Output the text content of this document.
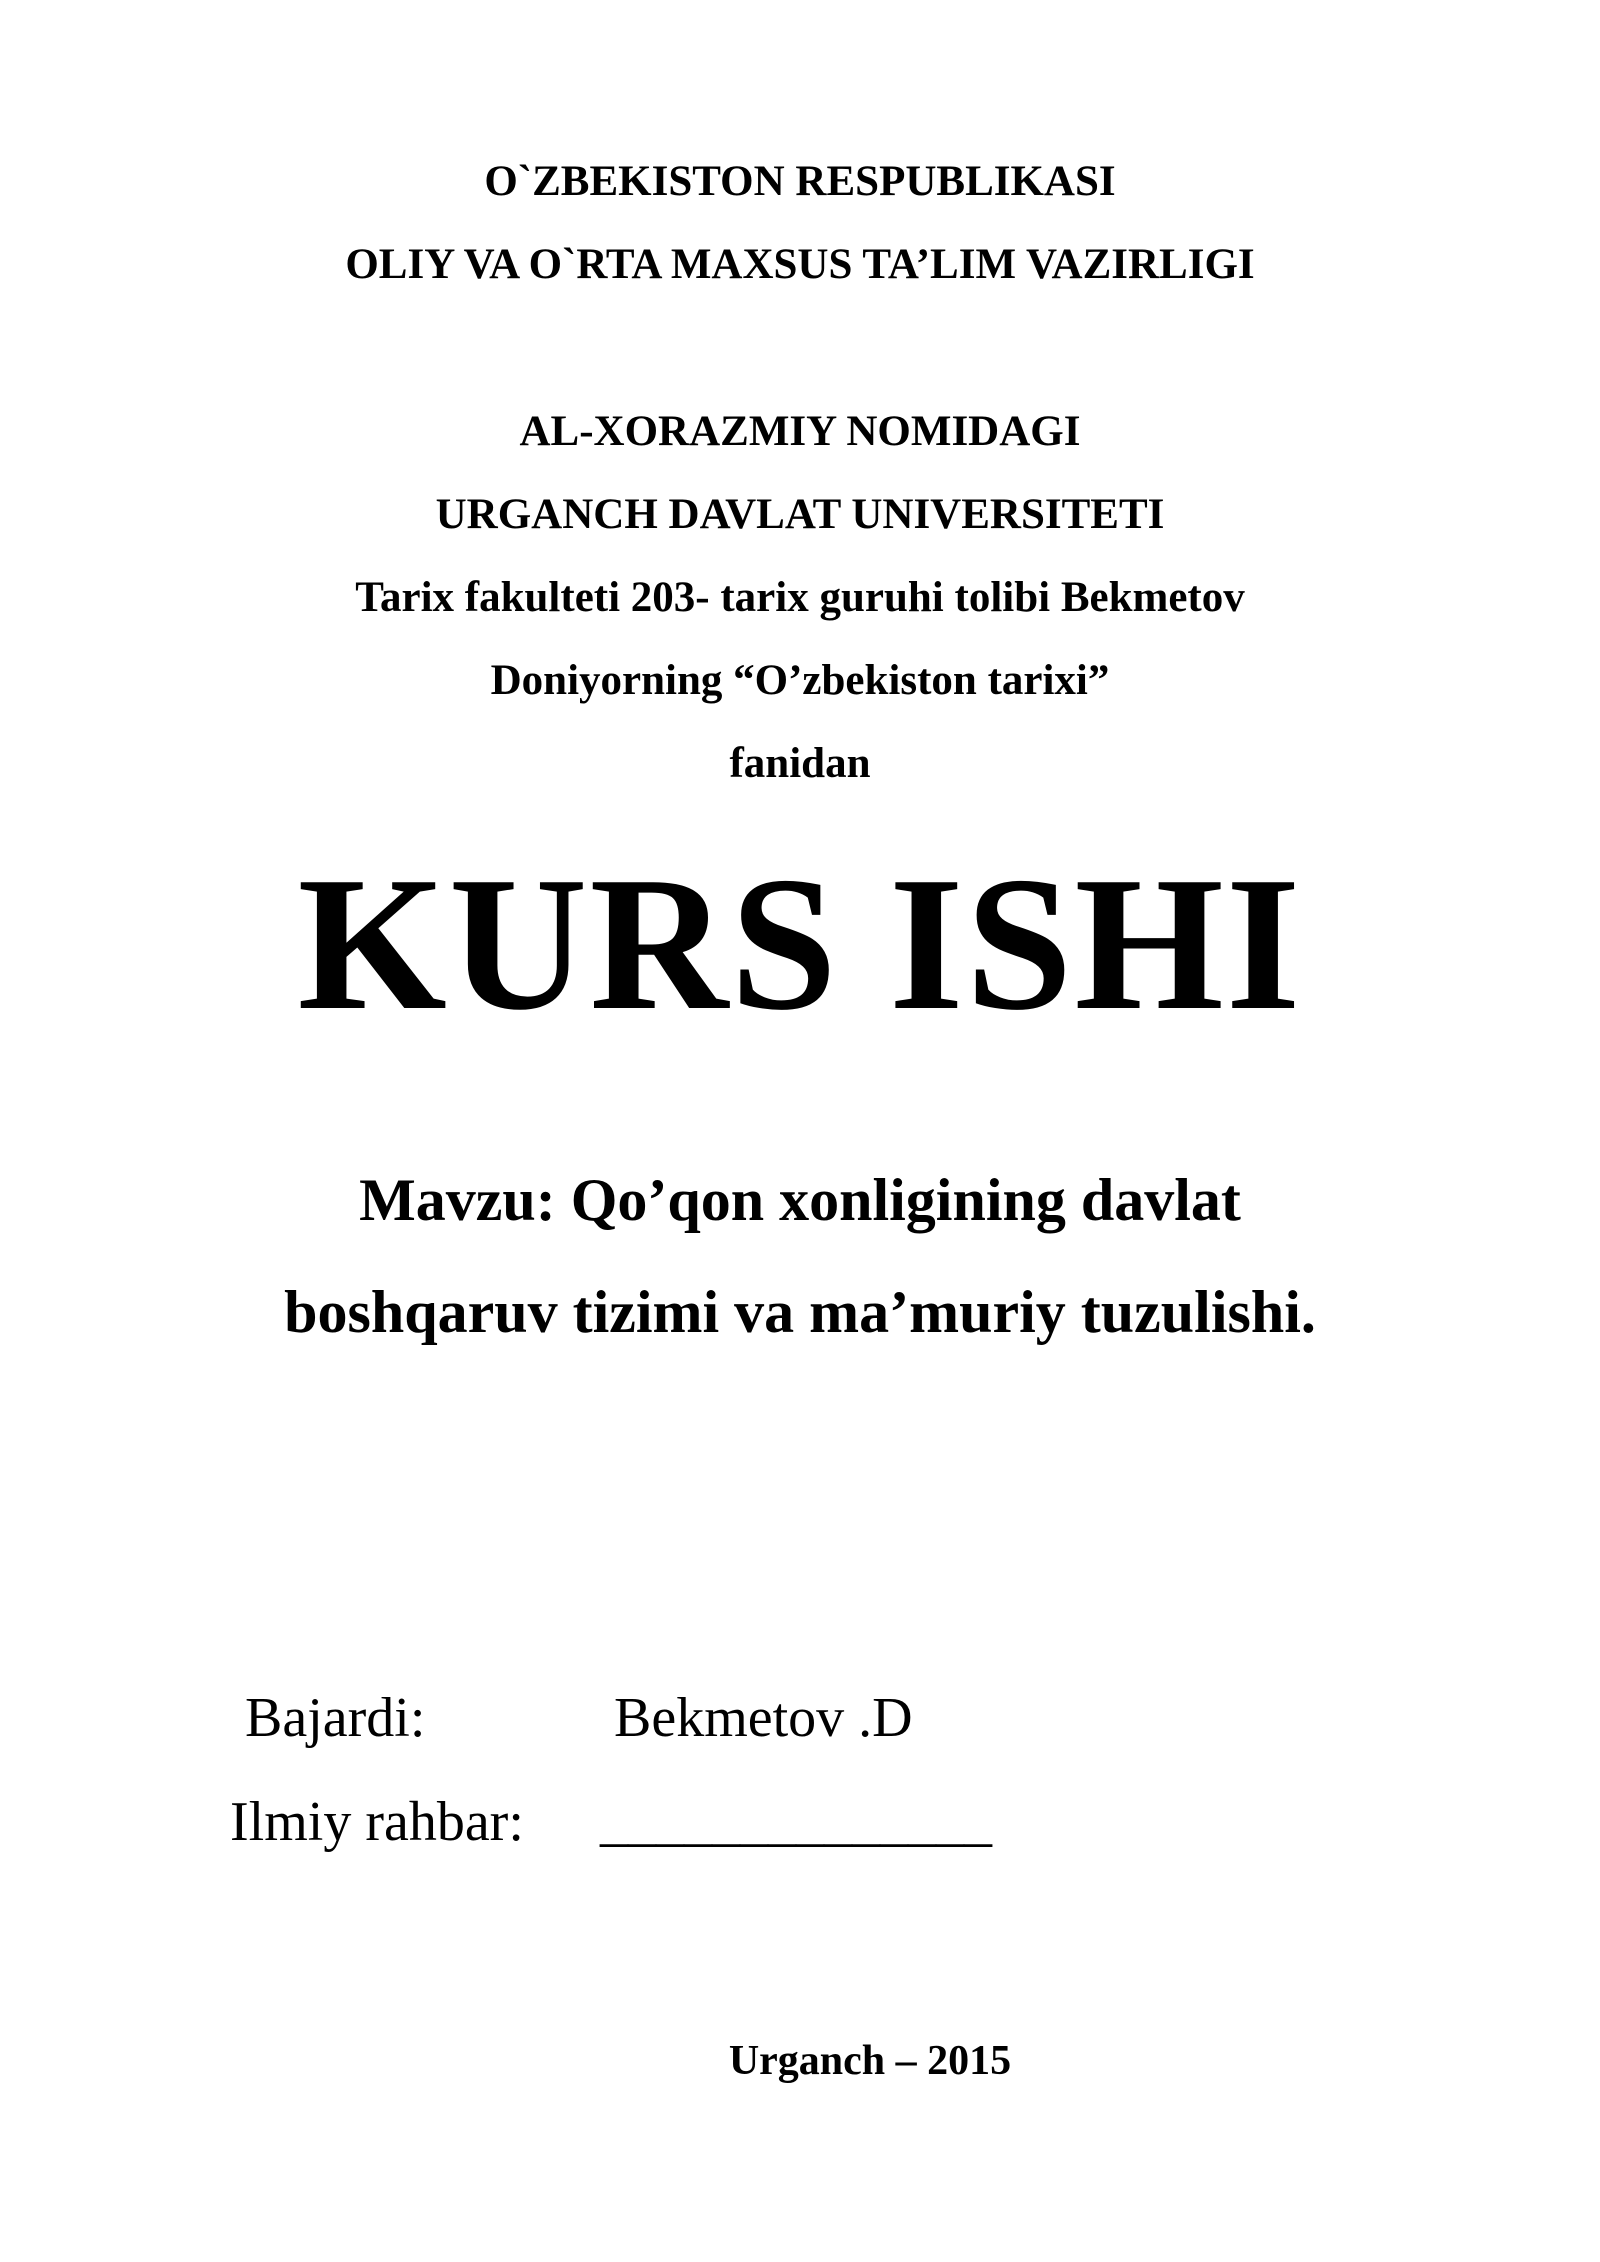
O`ZBEKISTON RESPUBLIKASI
OLIY VA O`RTA MAXSUS TA’LIM VAZIRLIGI
AL-XORAZMIY NOMIDAGI
URGANCH DAVLAT UNIVERSITETI
Tarix fakulteti 203- tarix guruhi tolibi Bekmetov
Doniyorning “O’zbekiston tarixi”
fanidan
KURS ISHI
Mavzu: Qo’qon xonligining davlat
boshqaruv tizimi va ma’muriy tuzulishi.
Bajardi:	Bekmetov .D
Ilmiy rahbar: ______________
Urganch – 2015
